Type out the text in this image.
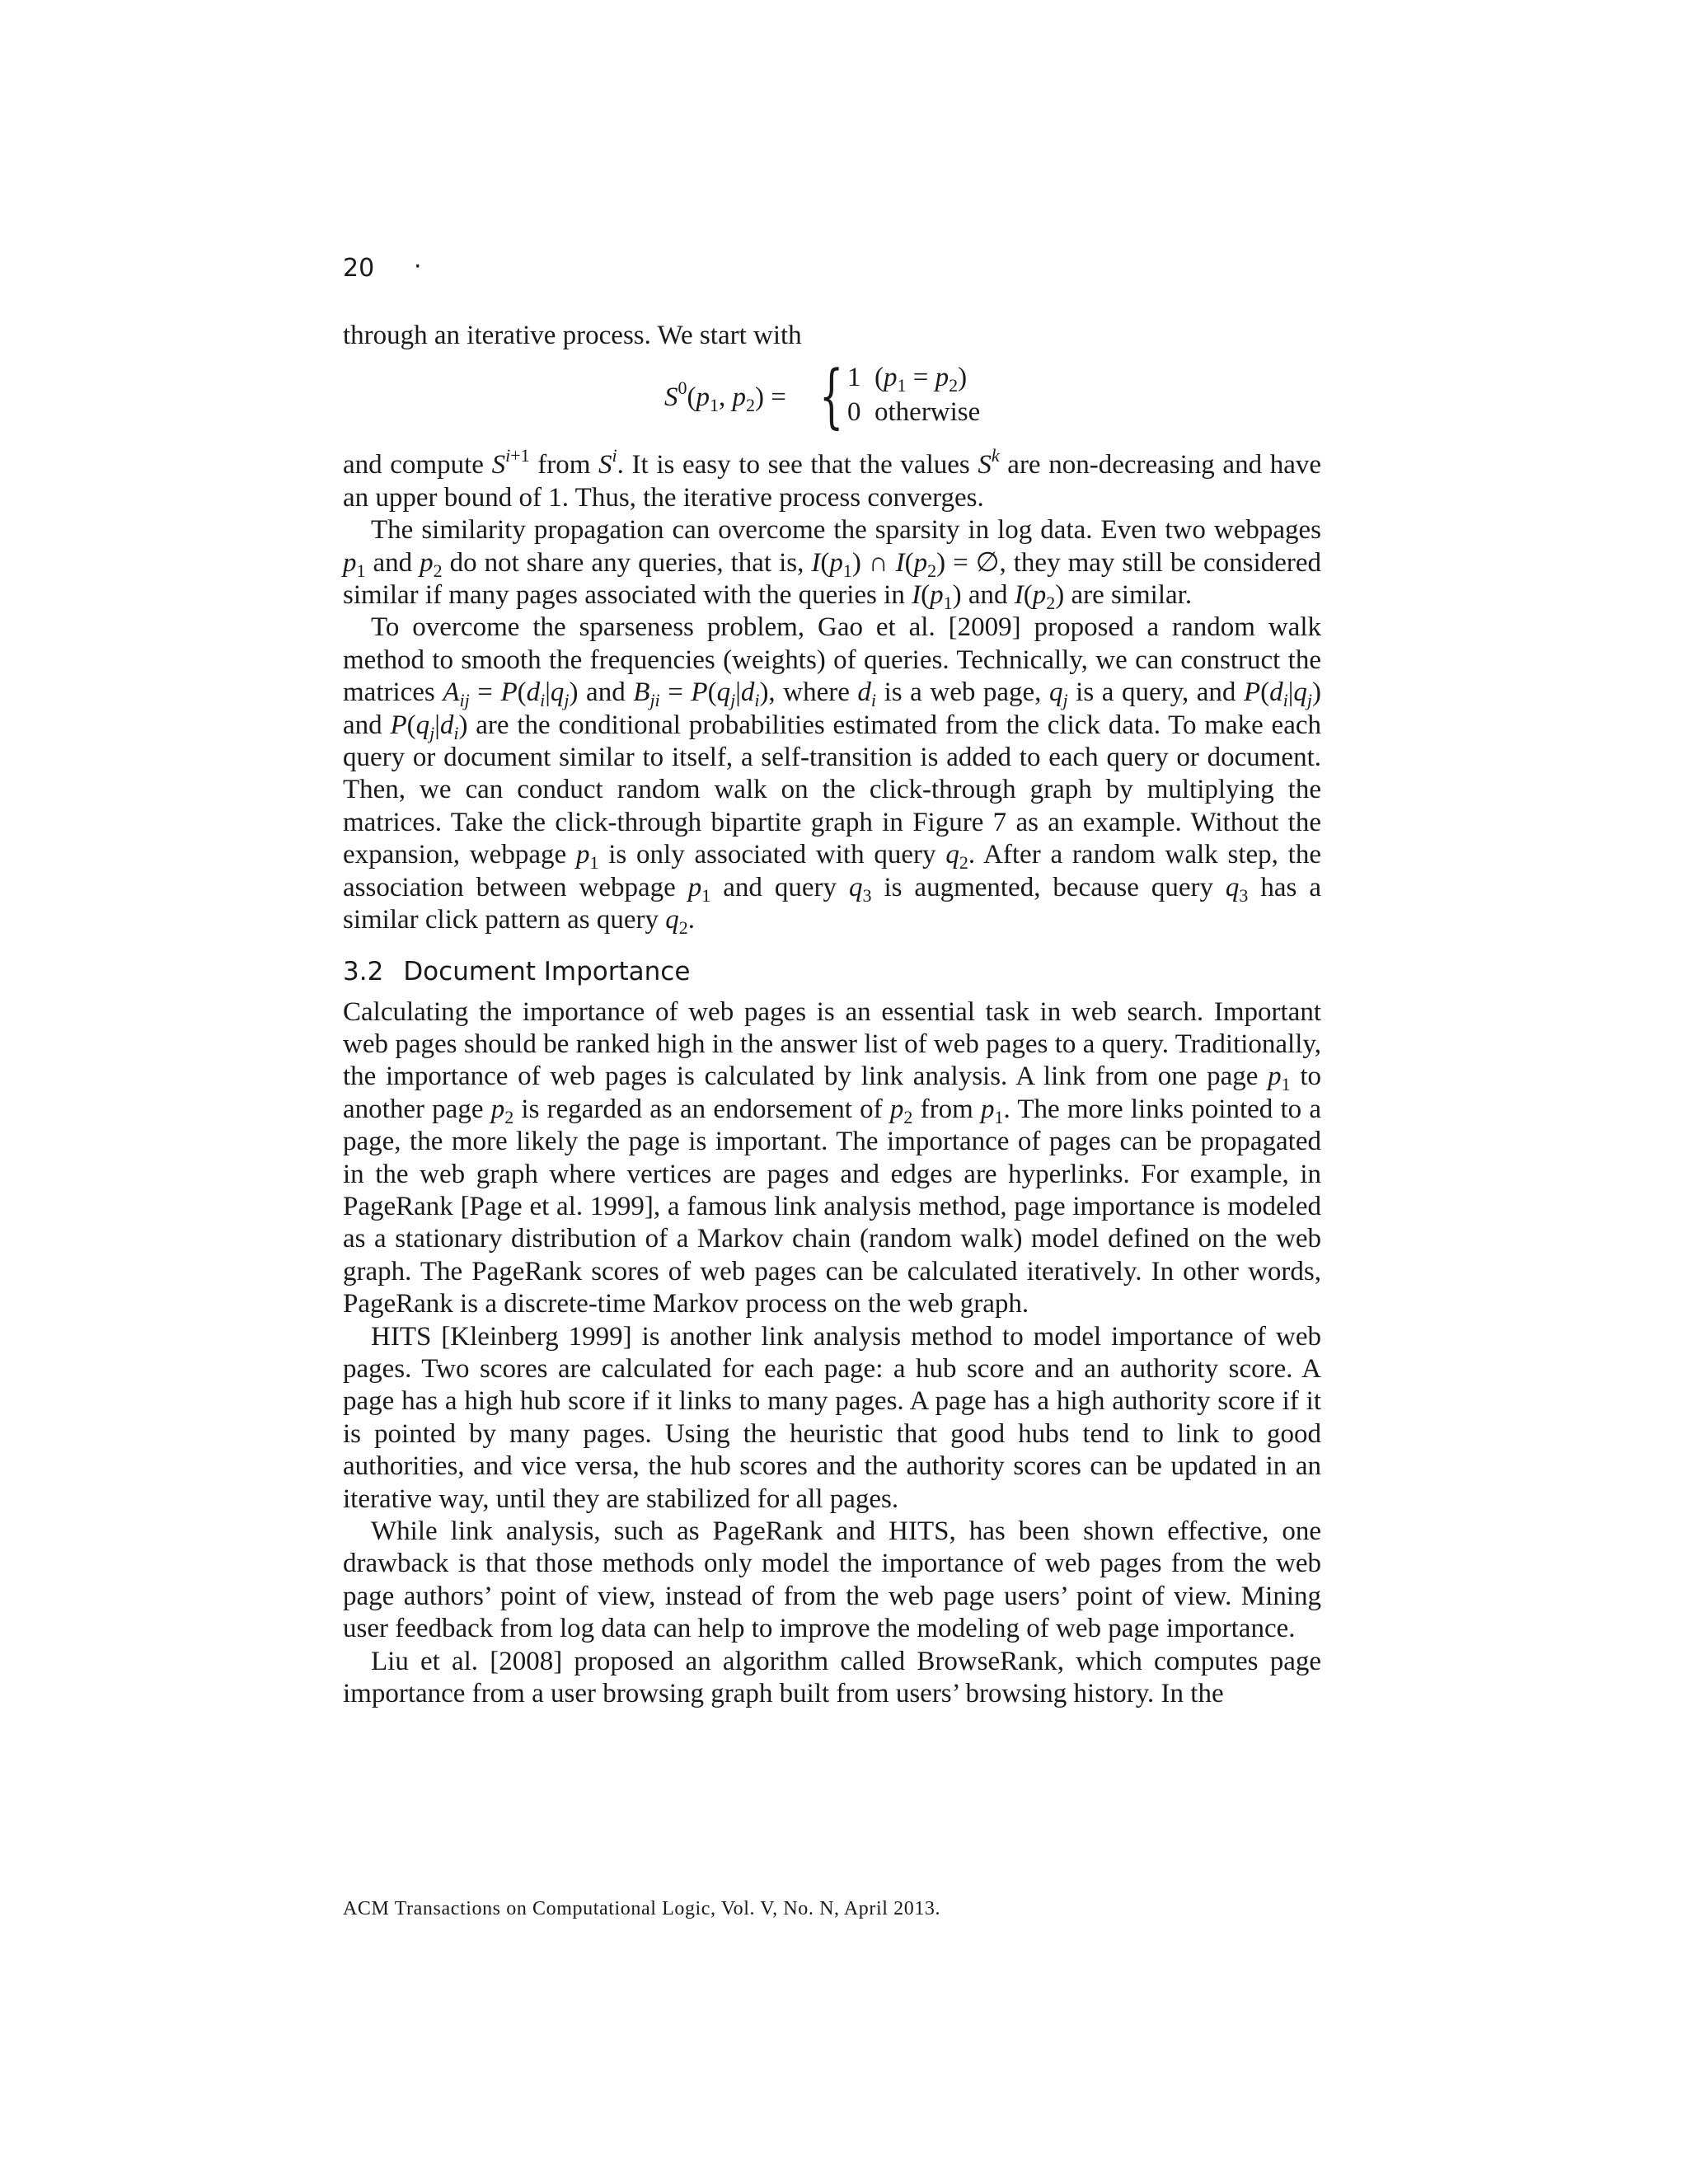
20 ·

through an iterative process. We start with

$S^0(p_1$, $p_2$) = { 1  $(p_1 = p_2)$
0  otherwise

and compute $S^{i+1}$ from $S^i$. It is easy to see that the values $S^k$ are non-decreasing and have an upper bound of 1. Thus, the iterative process converges.

The similarity propagation can overcome the sparsity in log data. Even two webpages $p_1$ and $p_2$ do not share any queries, that is, $I(p_1)$ ∩ $I(p_2)$ = ∅, they may still be considered similar if many pages associated with the queries in $I(p_1)$ and $I(p_2)$ are similar.

To overcome the sparseness problem, Gao et al. [2009] proposed a random walk method to smooth the frequencies (weights) of queries. Technically, we can construct the matrices $A_{ij} = P(d_i|q_j)$ and $B_{ji} = P(q_j|d_i)$, where $d_i$ is a web page, $q_j$ is a query, and $P(d_i|q_j)$ and $P(q_j|d_i)$ are the conditional probabilities estimated from the click data. To make each query or document similar to itself, a self-transition is added to each query or document. Then, we can conduct random walk on the click-through graph by multiplying the matrices. Take the click-through bipartite graph in Figure 7 as an example. Without the expansion, webpage $p_1$ is only associated with query $q_2$. After a random walk step, the association between webpage $p_1$ and query $q_3$ is augmented, because query $q_3$ has a similar click pattern as query $q_2$.

3.2 Document Importance

Calculating the importance of web pages is an essential task in web search. Important web pages should be ranked high in the answer list of web pages to a query. Traditionally, the importance of web pages is calculated by link analysis. A link from one page $p_1$ to another page $p_2$ is regarded as an endorsement of $p_2$ from $p_1$. The more links pointed to a page, the more likely the page is important. The importance of pages can be propagated in the web graph where vertices are pages and edges are hyperlinks. For example, in PageRank [Page et al. 1999], a famous link analysis method, page importance is modeled as a stationary distribution of a Markov chain (random walk) model defined on the web graph. The PageRank scores of web pages can be calculated iteratively. In other words, PageRank is a discrete-time Markov process on the web graph.

HITS [Kleinberg 1999] is another link analysis method to model importance of web pages. Two scores are calculated for each page: a hub score and an authority score. A page has a high hub score if it links to many pages. A page has a high authority score if it is pointed by many pages. Using the heuristic that good hubs tend to link to good authorities, and vice versa, the hub scores and the authority scores can be updated in an iterative way, until they are stabilized for all pages.

While link analysis, such as PageRank and HITS, has been shown effective, one drawback is that those methods only model the importance of web pages from the web page authors’ point of view, instead of from the web page users’ point of view. Mining user feedback from log data can help to improve the modeling of web page importance.

Liu et al. [2008] proposed an algorithm called BrowseRank, which computes page importance from a user browsing graph built from users’ browsing history. In the

ACM Transactions on Computational Logic, Vol. V, No. N, April 2013.
